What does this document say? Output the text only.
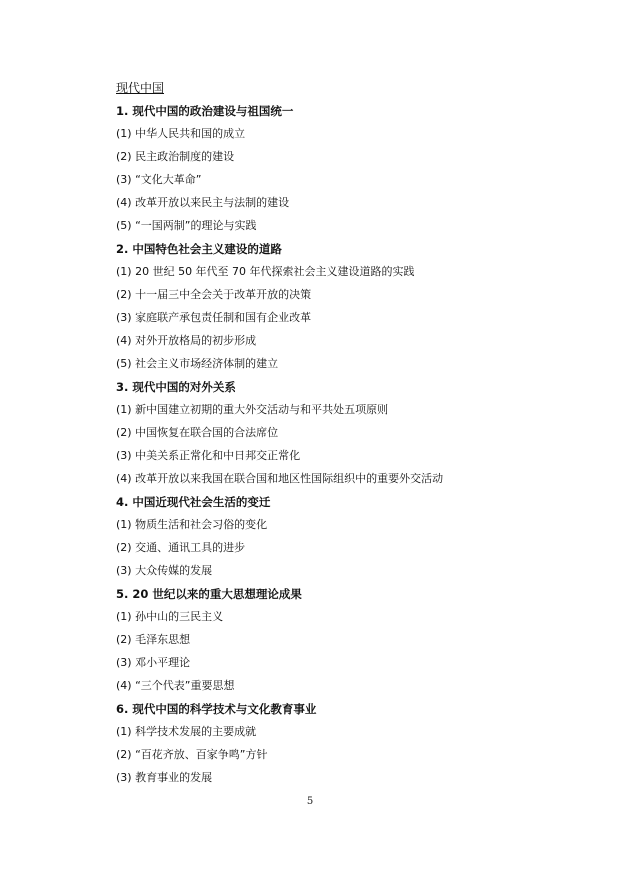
现代中国
1. 现代中国的政治建设与祖国统一
(1) 中华人民共和国的成立
(2) 民主政治制度的建设
(3) “文化大革命”
(4) 改革开放以来民主与法制的建设
(5) “一国两制”的理论与实践
2. 中国特色社会主义建设的道路
(1) 20 世纪 50 年代至 70 年代探索社会主义建设道路的实践
(2) 十一届三中全会关于改革开放的决策
(3) 家庭联产承包责任制和国有企业改革
(4) 对外开放格局的初步形成
(5) 社会主义市场经济体制的建立
3. 现代中国的对外关系
(1) 新中国建立初期的重大外交活动与和平共处五项原则
(2) 中国恢复在联合国的合法席位
(3) 中美关系正常化和中日邦交正常化
(4) 改革开放以来我国在联合国和地区性国际组织中的重要外交活动
4. 中国近现代社会生活的变迁
(1) 物质生活和社会习俗的变化
(2) 交通、通讯工具的进步
(3) 大众传媒的发展
5. 20 世纪以来的重大思想理论成果
(1) 孙中山的三民主义
(2) 毛泽东思想
(3) 邓小平理论
(4) “三个代表”重要思想
6. 现代中国的科学技术与文化教育事业
(1) 科学技术发展的主要成就
(2) “百花齐放、百家争鸣”方针
(3) 教育事业的发展
5
